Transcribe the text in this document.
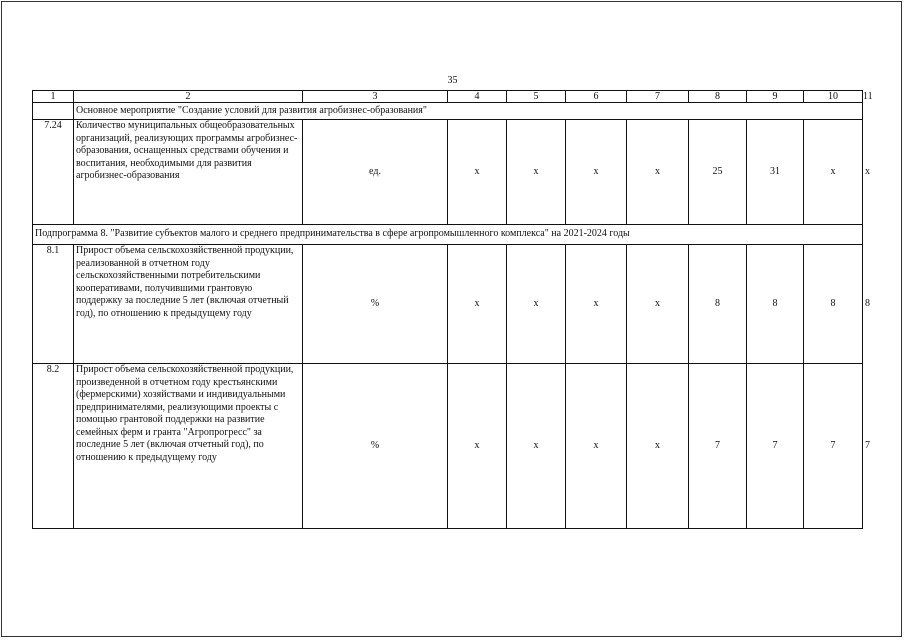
35
1	2	3	4	5	6	7	8	9	10	11
	Основное мероприятие "Создание условий для развития агробизнес-образования"									
7.24	Количество муниципальных общеобразовательных организаций, реализующих программы агробизнес-образования, оснащенных средствами обучения и воспитания, необходимыми для развития агробизнес-образования	ед.	х	х	х	х	25	31	х	х
Подпрограмма 8. "Развитие субъектов малого и среднего предпринимательства в сфере агропромышленного комплекса" на 2021-2024 годы										
8.1	Прирост объема сельскохозяйственной продукции, реализованной в отчетном году сельскохозяйственными потребительскими кооперативами, получившими грантовую поддержку за последние 5 лет (включая отчетный год), по отношению к предыдущему году	%	х	х	х	х	8	8	8	8
8.2	Прирост объема сельскохозяйственной продукции, произведенной в отчетном году крестьянскими (фермерскими) хозяйствами и индивидуальными предпринимателями, реализующими проекты с помощью грантовой поддержки на развитие семейных ферм и гранта "Агропрогресс" за последние 5 лет (включая отчетный год), по отношению к предыдущему году	%	х	х	х	х	7	7	7	7
